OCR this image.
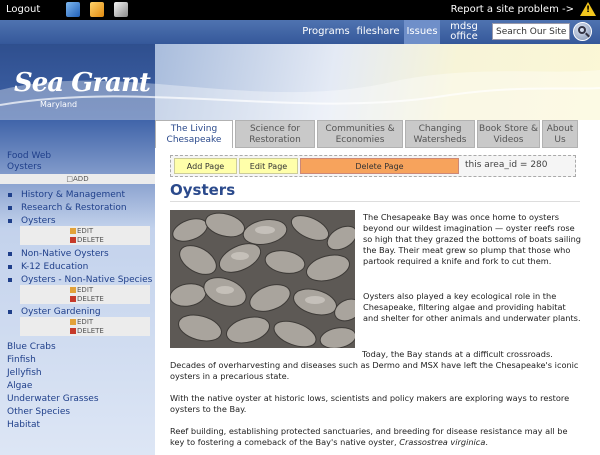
Logout	Report a site problem -> !
Programs fileshare Issues	mdsg
office
Search Our Site
Sea Grant
Maryland
The Living
Chesapeake
Science for
Restoration
Communities &
Economies
Changing
Watersheds
Book Store &
Videos
About
Us
Food Web
Oysters
□ADD
History & Management
Research & Restoration
Oysters
EDIT
DELETE
Non-Native Oysters
K-12 Education
Oysters - Non-Native Species
EDIT
DELETE
Oyster Gardening
EDIT
DELETE
Blue Crabs
Finfish
Jellyfish
Algae
Underwater Grasses
Other Species
Habitat
Add Page	Edit Page	Delete Page	this area_id = 280
Oysters
The Chesapeake Bay was once home to oysters beyond our wildest imagination — oyster reefs rose so high that they grazed the bottoms of boats sailing the Bay. Their meat grew so plump that those who partook required a knife and fork to cut them.
Oysters also played a key ecological role in the Chesapeake, filtering algae and providing habitat and shelter for other animals and underwater plants.
Today, the Bay stands at a difficult crossroads. Decades of overharvesting and diseases such as Dermo and MSX have left the Chesapeake's iconic oysters in a precarious state.
With the native oyster at historic lows, scientists and policy makers are exploring ways to restore oysters to the Bay.
Reef building, establishing protected sanctuaries, and breeding for disease resistance may all be key to fostering a comeback of the Bay's native oyster, Crassostrea virginica.
